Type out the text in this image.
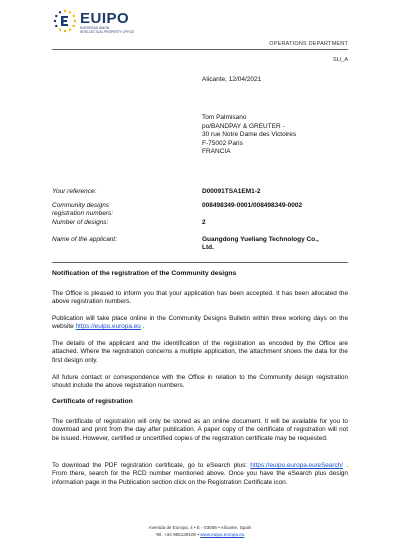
EUIPO
EUROPEAN UNION
INTELLECTUAL PROPERTY OFFICE
OPERATIONS DEPARTMENT
SLI_A
Alicante, 12/04/2021
Tom Palmisano
po/BANDPAY & GREUTER -
30 rue Notre Dame des Victoires
F-75002 Paris
FRANCIA
Your reference:	D00091TSA1EM1-2
Community designs
registration numbers:
Number of designs:
008498349-0001/008498349-0002

2
Name of the applicant:	Guangdong Yueliang Technology Co.,
Ltd.
Notification of the registration of the Community designs
The Office is pleased to inform you that your application has been accepted. It has been allocated the above registration numbers.
Publication will take place online in the Community Designs Bulletin within three working days on the website https://euipo.europa.eu .
The details of the applicant and the identification of the registration as encoded by the Office are attached. Where the registration concerns a multiple application, the attachment shows the data for the first design only.
All future contact or correspondence with the Office in relation to the Community design registration should include the above registration numbers.
Certificate of registration
The certificate of registration will only be stored as an online document. It will be available for you to download and print from the day after publication. A paper copy of the certificate of registration will not be issued. However, certified or uncertified copies of the registration certificate may be requested.
To download the PDF registration certificate, go to eSearch plus: https://euipo.europa.eu/eSearch/ . From there, search for the RCD number mentioned above. Once you have the eSearch plus design information page in the Publication section click on the Registration Certificate icon.
Avenida de Europa, 4 • E - 03008 • Alicante, Spain
Tel. +34 965139100 • www.euipo.europa.eu
